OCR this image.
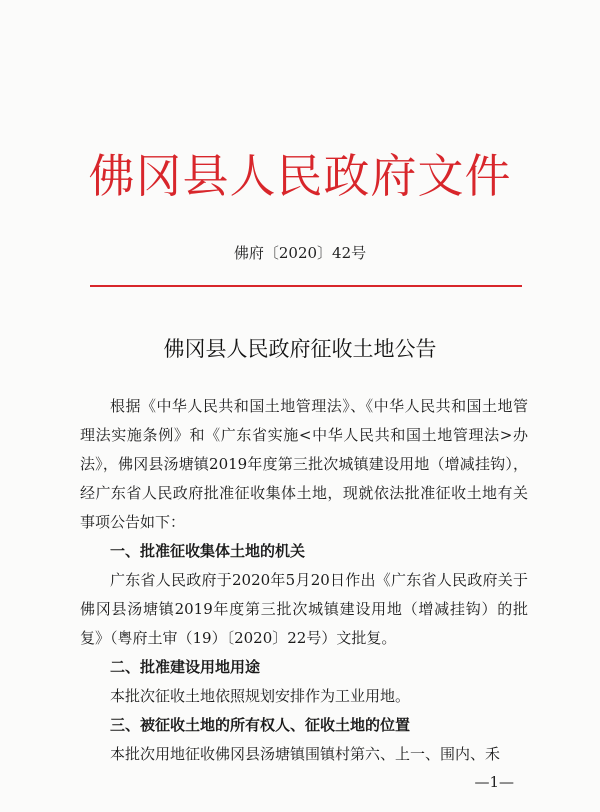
佛冈县人民政府文件
佛府〔2020〕42号
佛冈县人民政府征收土地公告

根据《中华人民共和国土地管理法》、《中华人民共和国土地管理法实施条例》和《广东省实施<中华人民共和国土地管理法>办法》，佛冈县汤塘镇2019年度第三批次城镇建设用地（增减挂钩），经广东省人民政府批准征收集体土地，现就依法批准征收土地有关事项公告如下：

一、批准征收集体土地的机关

广东省人民政府于2020年5月20日作出《广东省人民政府关于佛冈县汤塘镇2019年度第三批次城镇建设用地（增减挂钩）的批复》（粤府土审（19）〔2020〕22号）文批复。

二、批准建设用地用途

本批次征收土地依照规划安排作为工业用地。

三、被征收土地的所有权人、征收土地的位置

本批次用地征收佛冈县汤塘镇围镇村第六、上一、围内、禾

—1—
